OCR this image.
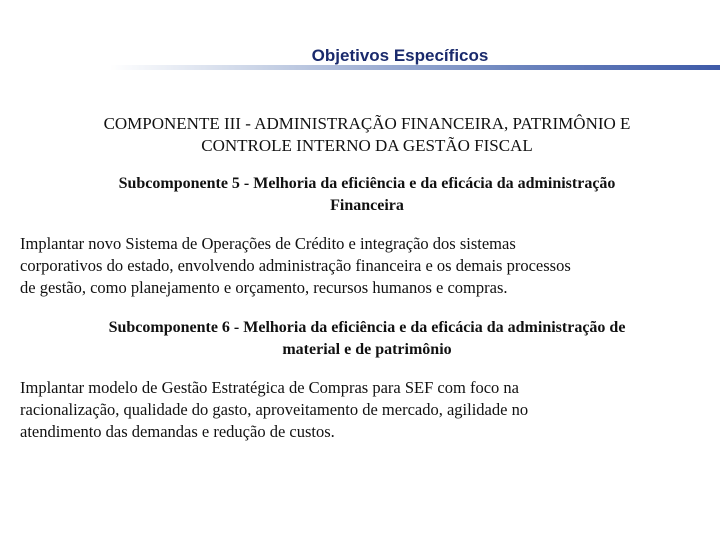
Objetivos Específicos
COMPONENTE III - ADMINISTRAÇÃO FINANCEIRA, PATRIMÔNIO E
CONTROLE INTERNO DA GESTÃO FISCAL
Subcomponente 5 - Melhoria da eficiência e da eficácia da administração
Financeira
Implantar novo Sistema de Operações de Crédito e integração dos sistemas
corporativos do estado, envolvendo administração financeira e os demais processos
de gestão, como planejamento e orçamento, recursos humanos e compras.
Subcomponente 6 - Melhoria da eficiência e da eficácia da administração de
material e de patrimônio
Implantar modelo de Gestão Estratégica de Compras para SEF com foco na
racionalização, qualidade do gasto, aproveitamento de mercado, agilidade no
atendimento das demandas e redução de custos.
